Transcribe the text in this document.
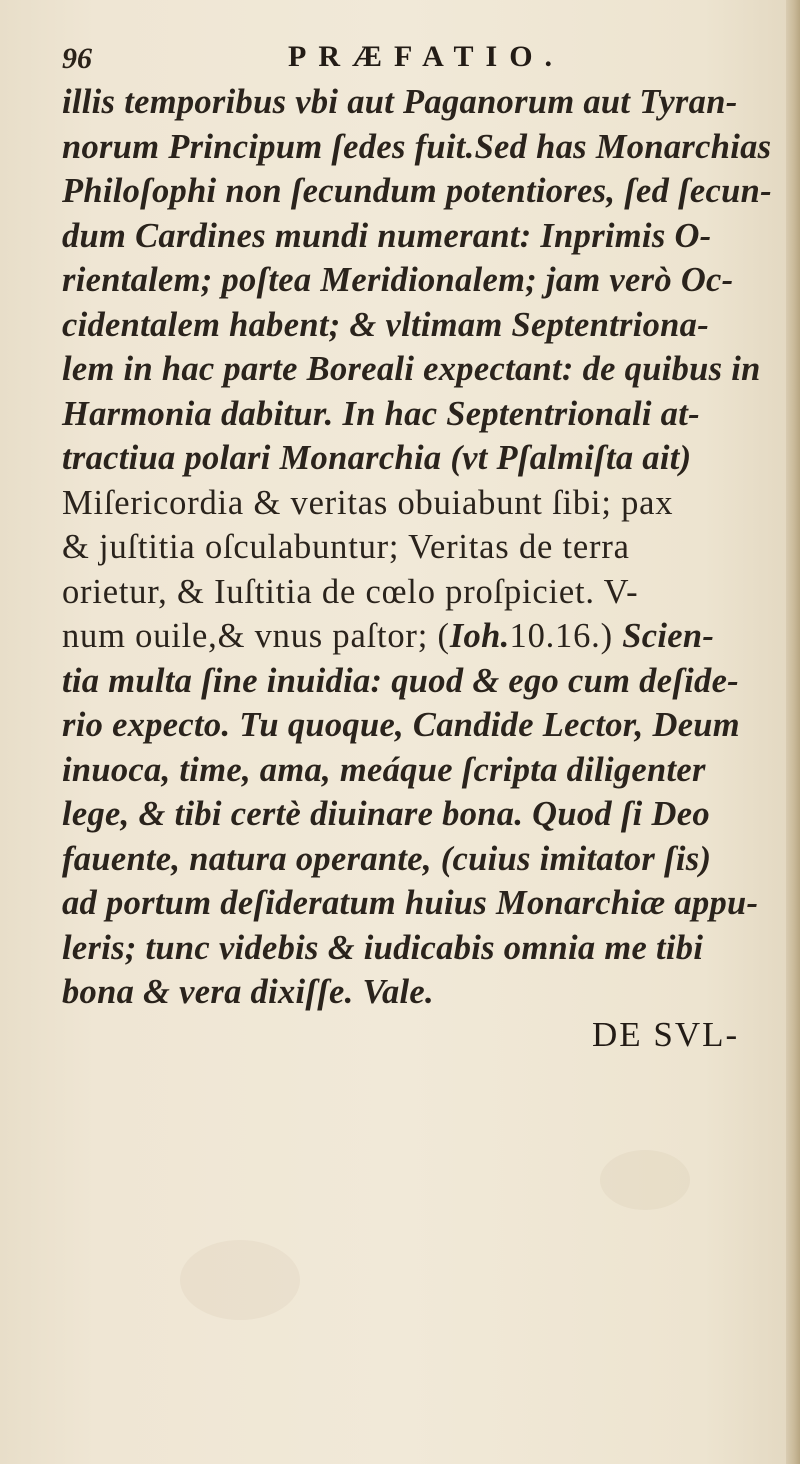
96	PRÆFATIO.
illis temporibus vbi aut Paganorum aut Tyran-
norum Principum ſedes fuit.Sed has Monarchias
Philoſophi non ſecundum potentiores, ſed ſecun-
dum Cardines mundi numerant: Inprimis O-
rientalem; poſtea Meridionalem; jam verò Oc-
cidentalem habent; & vltimam Septentriona-
lem in hac parte Boreali expectant: de quibus in
Harmonia dabitur. In hac Septentrionali at-
tractiua polari Monarchia (vt Pſalmiſta ait)
Miſericordia & veritas obuiabunt ſibi; pax
& juſtitia oſculabuntur; Veritas de terra
orietur, & Iuſtitia de cœlo proſpiciet. V-
num ouile,& vnus paſtor; (Ioh.10.16.) Scien-
tia multa ſine inuidia: quod & ego cum deſide-
rio expecto. Tu quoque, Candide Lector, Deum
inuoca, time, ama, meáque ſcripta diligenter
lege, & tibi certè diuinare bona. Quod ſi Deo
fauente, natura operante, (cuius imitator ſis)
ad portum deſideratum huius Monarchiæ appu-
leris; tunc videbis & iudicabis omnia me tibi
bona & vera dixiſſe. Vale.
DE SVL-
